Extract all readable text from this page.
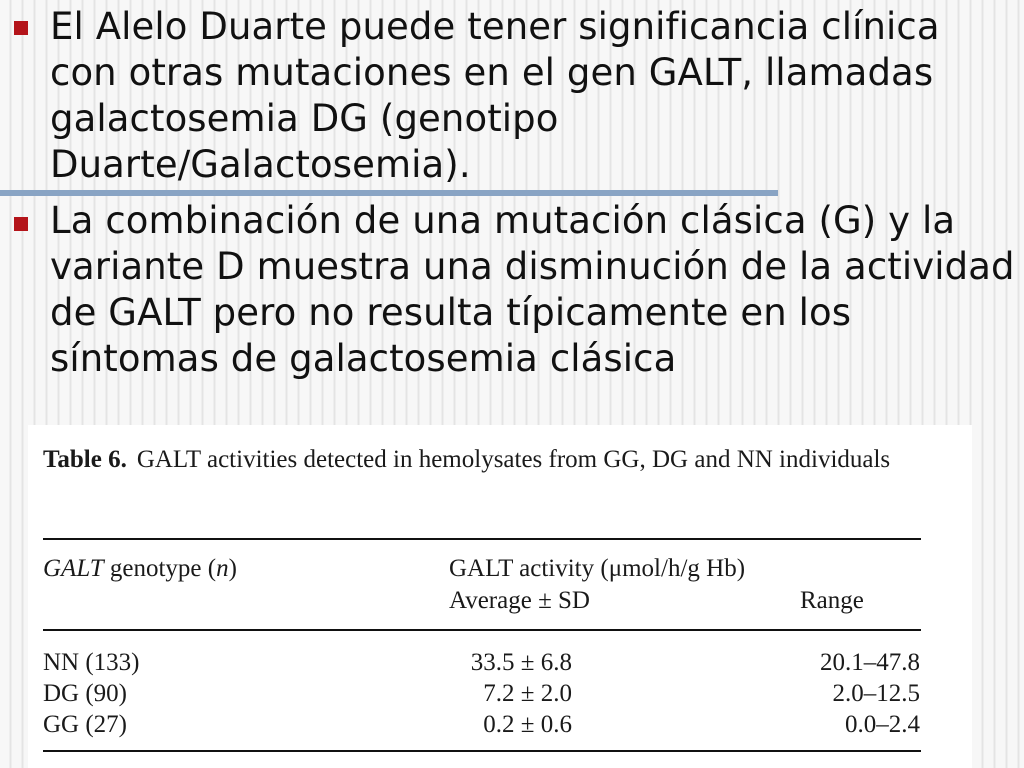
El Alelo Duarte puede tener significancia clínica con otras mutaciones en el gen GALT, llamadas galactosemia DG (genotipo Duarte/Galactosemia).
La combinación de una mutación clásica (G) y la variante D muestra una disminución de la actividad de GALT pero no resulta típicamente en los síntomas de galactosemia clásica
Table 6. GALT activities detected in hemolysates from GG, DG and NN individuals
GALT genotype (n)	GALT activity (μmol/h/g Hb)
Average ± SD	Range
NN (133)	33.5 ± 6.8	20.1–47.8
DG (90)	7.2 ± 2.0	2.0–12.5
GG (27)	0.2 ± 0.6	0.0–2.4
